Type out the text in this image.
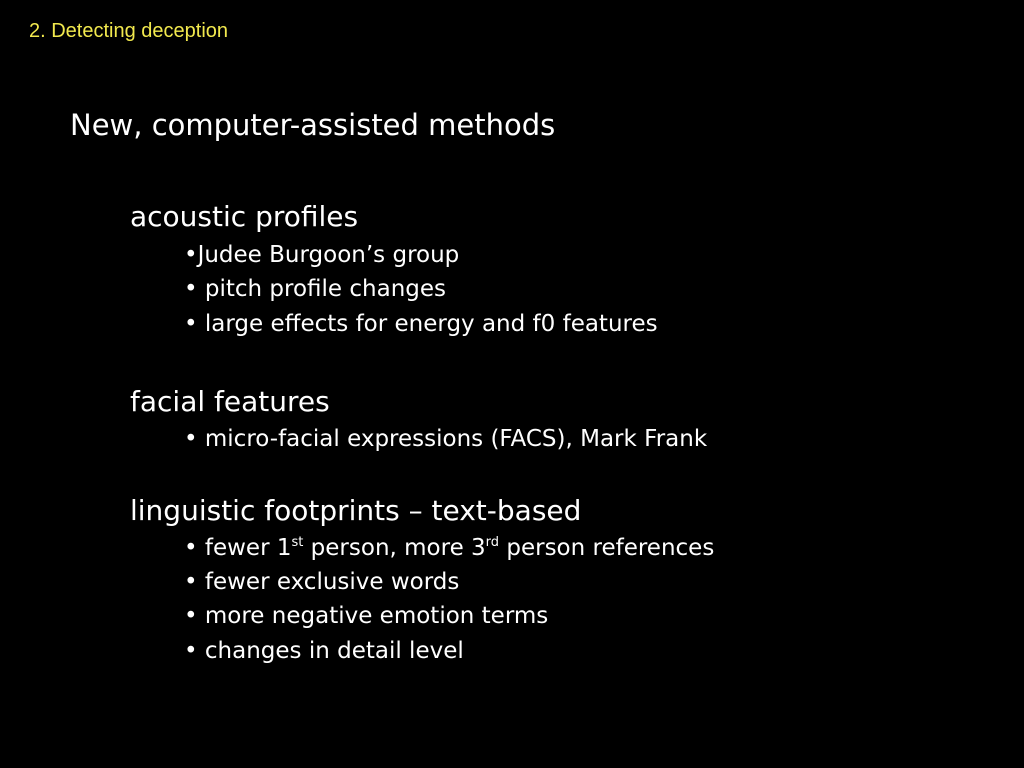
2. Detecting deception
New, computer-assisted methods
acoustic profiles
•Judee Burgoon’s group
• pitch profile changes
• large effects for energy and f0 features
facial features
• micro-facial expressions (FACS), Mark Frank
linguistic footprints – text-based
• fewer 1st person, more 3rd person references
• fewer exclusive words
• more negative emotion terms
• changes in detail level
